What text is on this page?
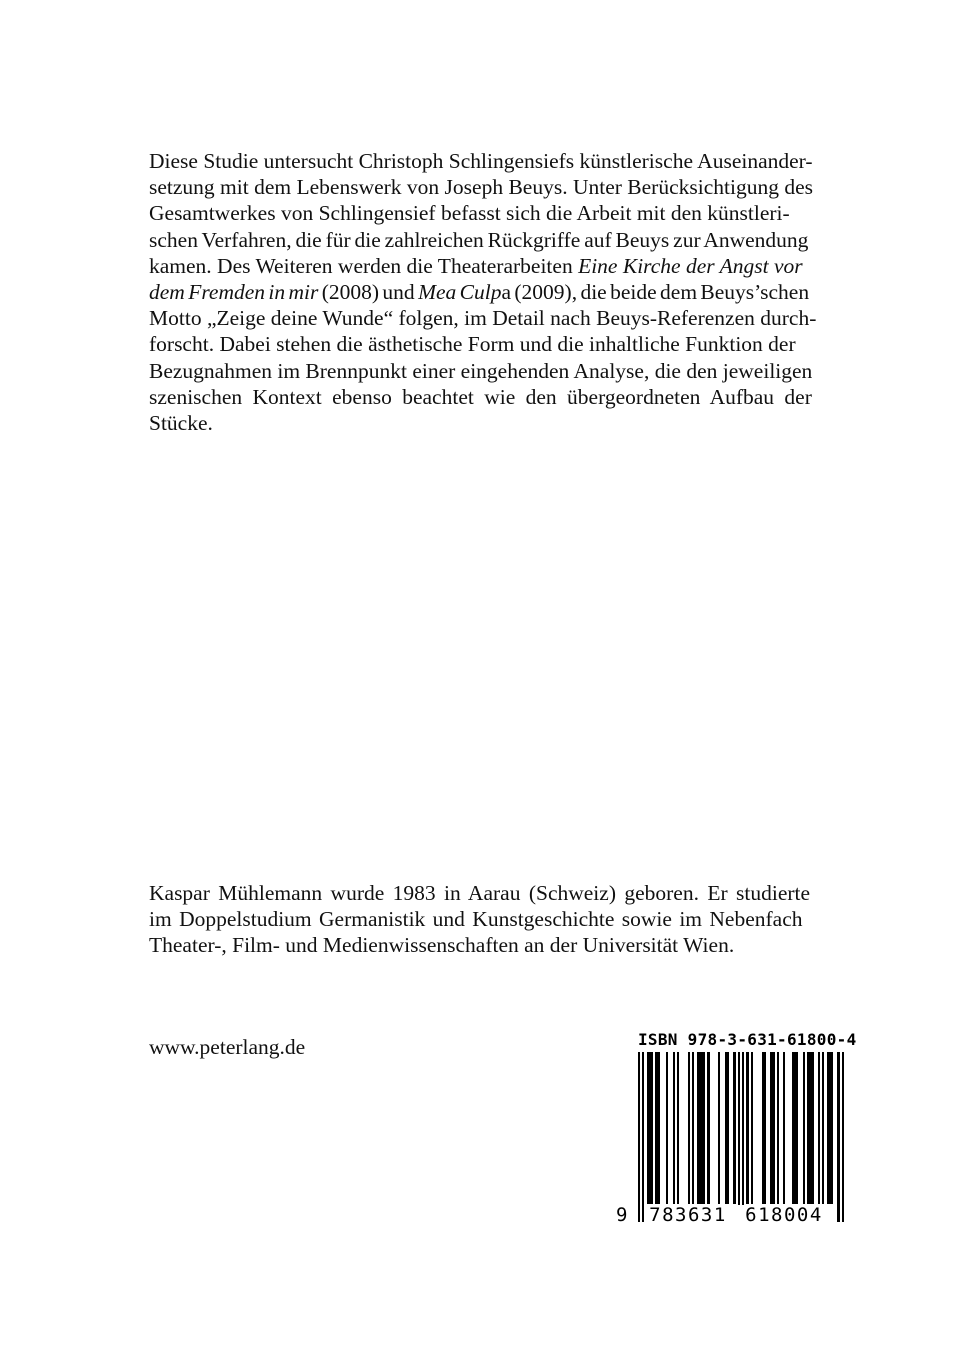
Diese Studie untersucht Christoph Schlingensiefs künstlerische Auseinander-
setzung mit dem Lebenswerk von Joseph Beuys. Unter Berücksichtigung des
Gesamtwerkes von Schlingensief befasst sich die Arbeit mit den künstleri-
schen Verfahren, die für die zahlreichen Rückgriffe auf Beuys zur Anwendung
kamen. Des Weiteren werden die Theaterarbeiten Eine Kirche der Angst vor
dem Fremden in mir (2008) und Mea Culpa (2009), die beide dem Beuys’schen
Motto „Zeige deine Wunde“ folgen, im Detail nach Beuys-Referenzen durch-
forscht. Dabei stehen die ästhetische Form und die inhaltliche Funktion der
Bezugnahmen im Brennpunkt einer eingehenden Analyse, die den jeweiligen
szenischen Kontext ebenso beachtet wie den übergeordneten Aufbau der
Stücke.
Kaspar Mühlemann wurde 1983 in Aarau (Schweiz) geboren. Er studierte
im Doppelstudium Germanistik und Kunstgeschichte sowie im Nebenfach
Theater-, Film- und Medienwissenschaften an der Universität Wien.
www.peterlang.de	ISBN 978-3-631-61800-4
9 783631 618004
